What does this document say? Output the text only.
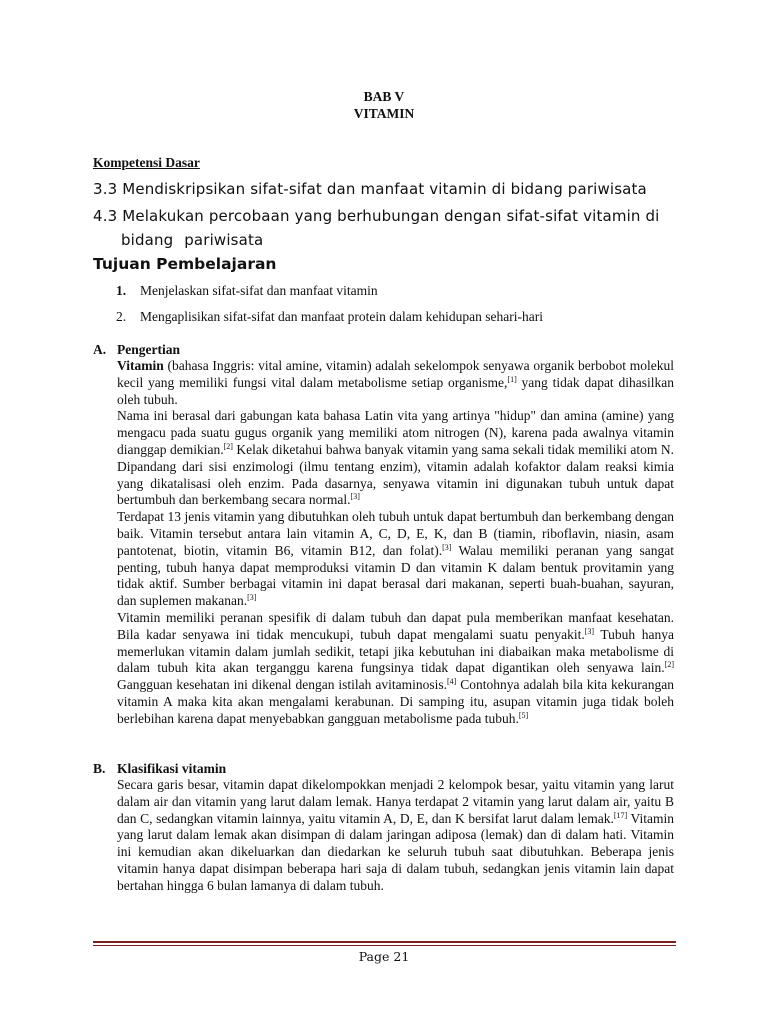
BAB V
VITAMIN
Kompetensi Dasar
3.3 Mendiskripsikan sifat-sifat dan manfaat vitamin di bidang pariwisata
4.3 Melakukan percobaan yang berhubungan dengan sifat-sifat vitamin di
bidang pariwisata
Tujuan Pembelajaran
1. Menjelaskan sifat-sifat dan manfaat vitamin
2. Mengaplisikan sifat-sifat dan manfaat protein dalam kehidupan sehari-hari
A. Pengertian

Vitamin (bahasa Inggris: vital amine, vitamin) adalah sekelompok senyawa organik berbobot molekul kecil yang memiliki fungsi vital dalam metabolisme setiap organisme,[1] yang tidak dapat dihasilkan oleh tubuh.

Nama ini berasal dari gabungan kata bahasa Latin vita yang artinya "hidup" dan amina (amine) yang mengacu pada suatu gugus organik yang memiliki atom nitrogen (N), karena pada awalnya vitamin dianggap demikian.[2] Kelak diketahui bahwa banyak vitamin yang sama sekali tidak memiliki atom N. Dipandang dari sisi enzimologi (ilmu tentang enzim), vitamin adalah kofaktor dalam reaksi kimia yang dikatalisasi oleh enzim. Pada dasarnya, senyawa vitamin ini digunakan tubuh untuk dapat bertumbuh dan berkembang secara normal.[3]

Terdapat 13 jenis vitamin yang dibutuhkan oleh tubuh untuk dapat bertumbuh dan berkembang dengan baik. Vitamin tersebut antara lain vitamin A, C, D, E, K, dan B (tiamin, riboflavin, niasin, asam pantotenat, biotin, vitamin B6, vitamin B12, dan folat).[3] Walau memiliki peranan yang sangat penting, tubuh hanya dapat memproduksi vitamin D dan vitamin K dalam bentuk provitamin yang tidak aktif. Sumber berbagai vitamin ini dapat berasal dari makanan, seperti buah-buahan, sayuran, dan suplemen makanan.[3]

Vitamin memiliki peranan spesifik di dalam tubuh dan dapat pula memberikan manfaat kesehatan. Bila kadar senyawa ini tidak mencukupi, tubuh dapat mengalami suatu penyakit.[3] Tubuh hanya memerlukan vitamin dalam jumlah sedikit, tetapi jika kebutuhan ini diabaikan maka metabolisme di dalam tubuh kita akan terganggu karena fungsinya tidak dapat digantikan oleh senyawa lain.[2] Gangguan kesehatan ini dikenal dengan istilah avitaminosis.[4] Contohnya adalah bila kita kekurangan vitamin A maka kita akan mengalami kerabunan. Di samping itu, asupan vitamin juga tidak boleh berlebihan karena dapat menyebabkan gangguan metabolisme pada tubuh.[5]

B. Klasifikasi vitamin

Secara garis besar, vitamin dapat dikelompokkan menjadi 2 kelompok besar, yaitu vitamin yang larut dalam air dan vitamin yang larut dalam lemak. Hanya terdapat 2 vitamin yang larut dalam air, yaitu B dan C, sedangkan vitamin lainnya, yaitu vitamin A, D, E, dan K bersifat larut dalam lemak.[17] Vitamin yang larut dalam lemak akan disimpan di dalam jaringan adiposa (lemak) dan di dalam hati. Vitamin ini kemudian akan dikeluarkan dan diedarkan ke seluruh tubuh saat dibutuhkan. Beberapa jenis vitamin hanya dapat disimpan beberapa hari saja di dalam tubuh, sedangkan jenis vitamin lain dapat bertahan hingga 6 bulan lamanya di dalam tubuh.

Page 21
